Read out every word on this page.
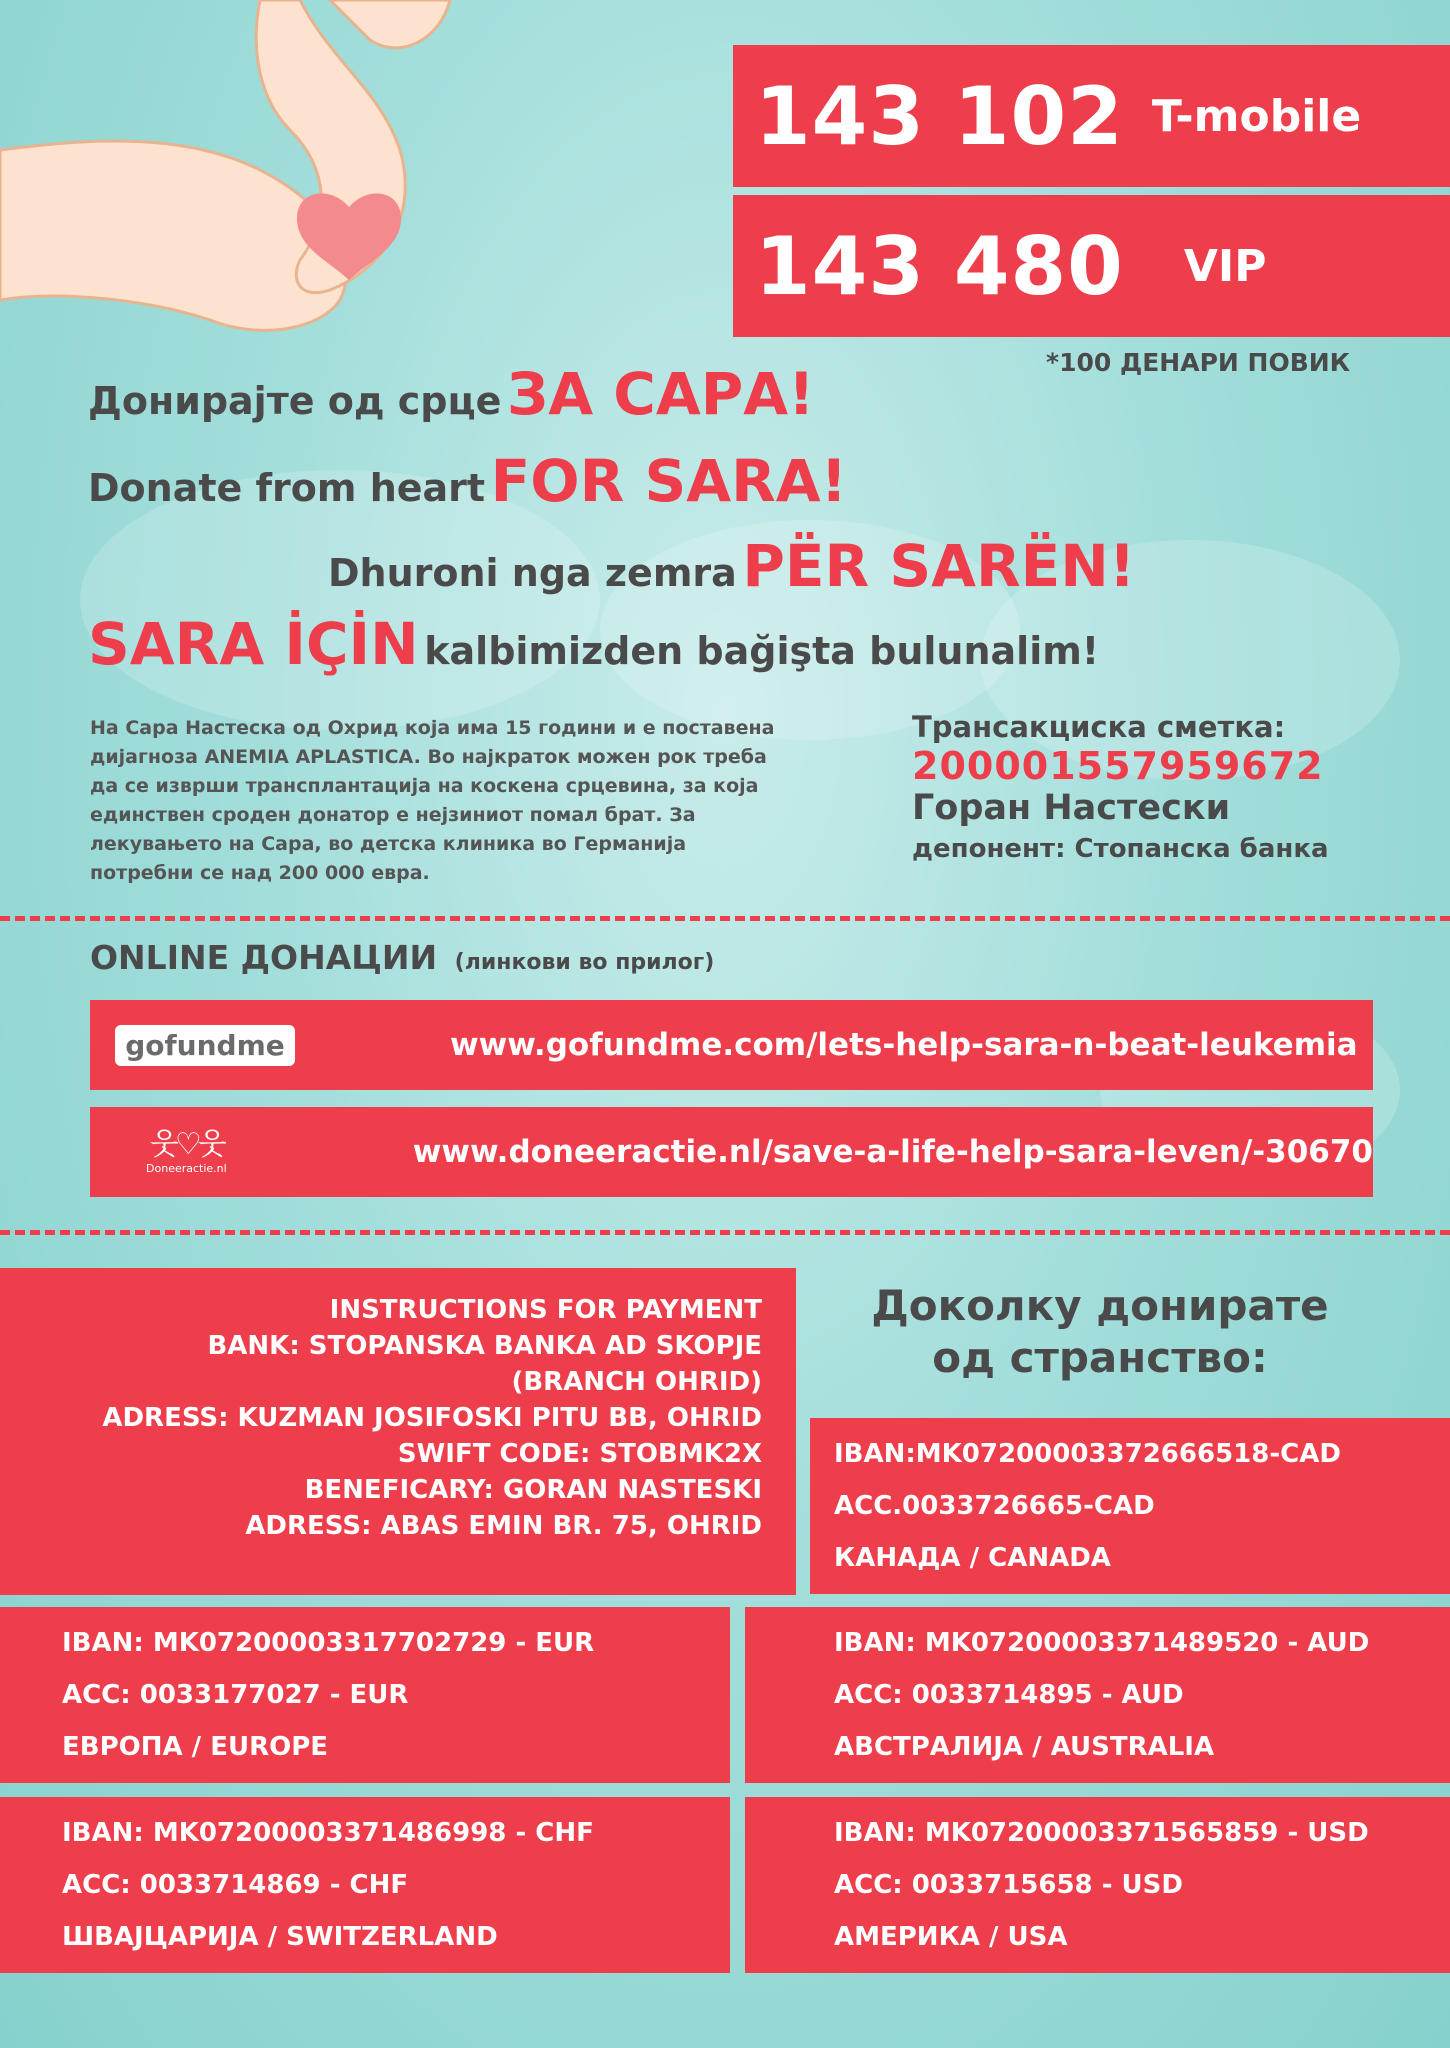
143 102 T-mobile
143 480 VIP
*100 ДЕНАРИ ПОВИК
Донирајте од срце ЗА САРА!
Donate from heart FOR SARA!
Dhuroni nga zemra PËR SARËN!
SARA İÇİN kalbimizden bağişta bulunalim!
На Сара Настеска од Охрид која има 15 години и е поставена
дијагноза ANEMIA APLASTICA. Во најкраток можен рок треба
да се изврши трансплантација на коскена срцевина, за која
единствен сроден донатор е нејзиниот помал брат. За
лекувањето на Сара, во детска клиника во Германија
потребни се над 200 000 евра.
Трансакциска сметка:
200001557959672
Горан Настески
депонент: Стопанска банка
ONLINE ДОНАЦИИ (линкови во прилог)
gofundme	www.gofundme.com/lets-help-sara-n-beat-leukemia
웃♡웃
Doneeractie.nl	www.doneeractie.nl/save-a-life-help-sara-leven/-30670
INSTRUCTIONS FOR PAYMENT
BANK: STOPANSKA BANKA AD SKOPJE
(BRANCH OHRID)
ADRESS: KUZMAN JOSIFOSKI PITU BB, OHRID
SWIFT CODE: STOBMK2X
BENEFICARY: GORAN NASTESKI
ADRESS: ABAS EMIN BR. 75, OHRID
Доколку донирате
од странство:
IBAN:MK07200003372666518-CAD
ACC.0033726665-CAD
КАНАДА / CANADA
IBAN: MK07200003317702729 - EUR
ACC: 0033177027 - EUR
ЕВРОПА / EUROPE
IBAN: MK07200003371489520 - AUD
ACC: 0033714895 - AUD
АВСТРАЛИЈА / AUSTRALIA
IBAN: MK07200003371486998 - CHF
ACC: 0033714869 - CHF
ШВАЈЦАРИЈА / SWITZERLAND
IBAN: MK07200003371565859 - USD
ACC: 0033715658 - USD
АМЕРИКА / USA
